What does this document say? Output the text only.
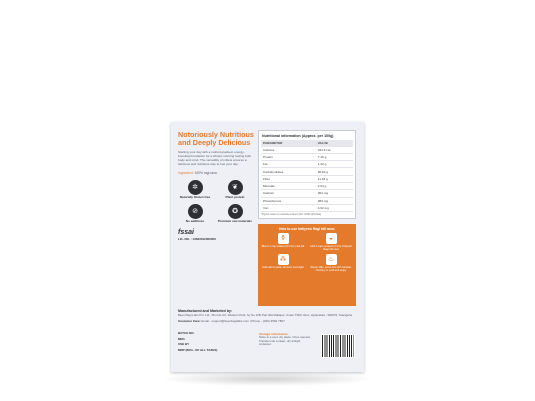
Notoriously Nutritious and Deeply Delicious
Starting your day with a nutrient-packed, energy-boosting foundation for a vibrant morning fueling both body and mind. The versatility of millets ensures a delicious and nutritious way to fuel your day.
Ingredient: 100% ragi rava
✲
Naturally Gluten free
❦
Plant protein
⊘
No additives
✪
Premium raw materials
fssai
LIC. NO. : 13623012000050
Nutritional information (Approx. per 100g)
PARAMETER	VALUE
Calories	344.6 cal
Protein	7.16 g
Fat	1.32 g
Carbohydrates	66.82 g
Fiber	11.18 g
Minerals	2.04 g
Calcium	364 mg
Phosphorous	283 mg
Iron	4.62 mg
*Figures based on calculated values (Ref: ICMR-NIN Data)
How to use Indiyesh Ragi Idli rava:
⚱
Blend 1 cup soaked (8 hrs) urad dal
◒
Add 3 cups soaked (2 hrs) Indiyesh Ragi idli rava
⁂
Add salt to taste, ferment overnight
♨
Steam idlis, serve hot with sambar, chutney or podi and enjoy
Manufactured and Marketed by:
Been Ragi Labs Pvt. Ltd., Plot No-UC, Western Park, Sy No 125/ Part IDA Mallapur, Under TSIIC IALA, Hyderabad - 500076, Telangana
Customer Care: Email - support@beenbagilabs.com | Phone - (040) 3592 7807
BATCH NO.
MFD.
USE BY
MRP (INCL. OF ALL TAXES)
Storage information:
Store in a cool, dry place. Once opened, Transfer into a clean, dry airtight container.
